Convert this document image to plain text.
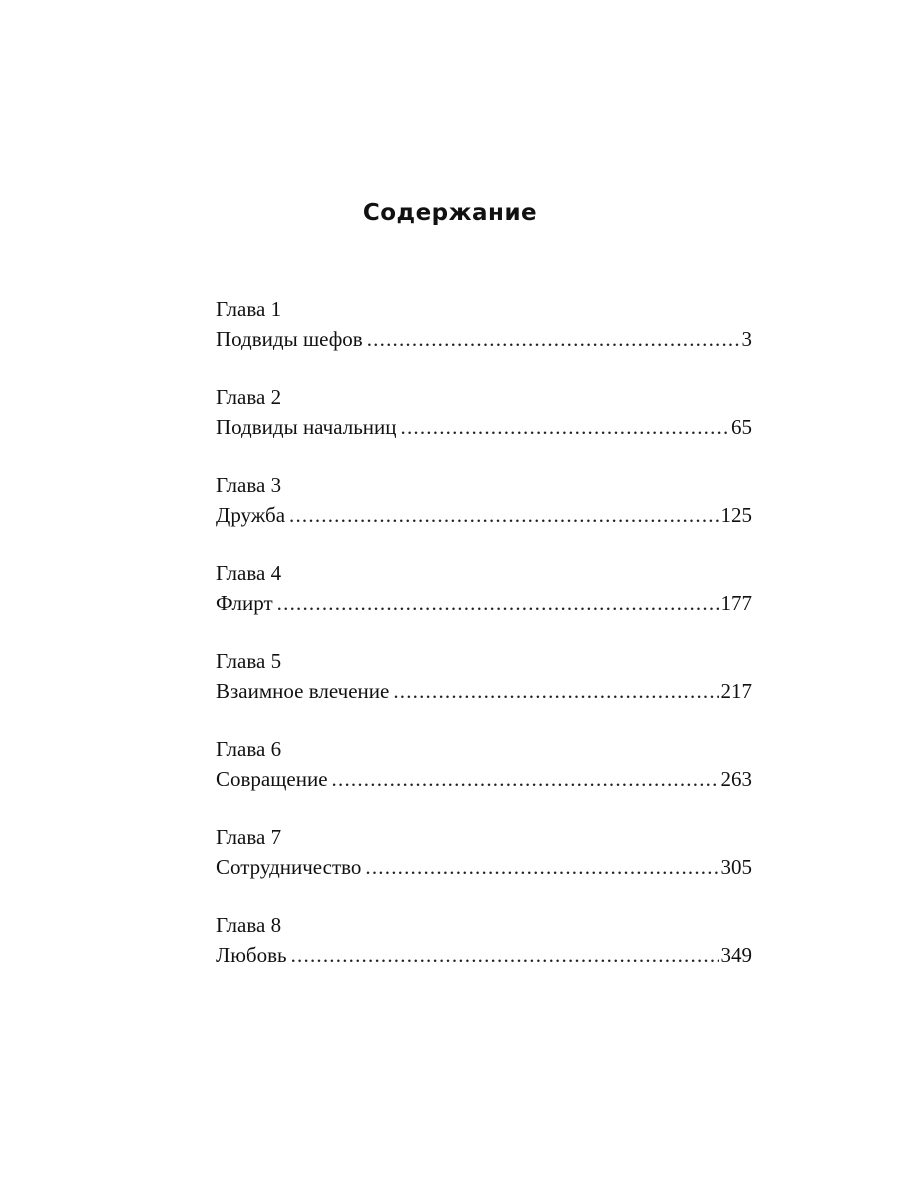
Содержание
Глава 1
Подвиды шефов .....	3
Глава 2
Подвиды начальниц .....	65
Глава 3
Дружба .....	125
Глава 4
Флирт .....	177
Глава 5
Взаимное влечение .....	217
Глава 6
Совращение .....	263
Глава 7
Сотрудничество .....	305
Глава 8
Любовь .....	349
